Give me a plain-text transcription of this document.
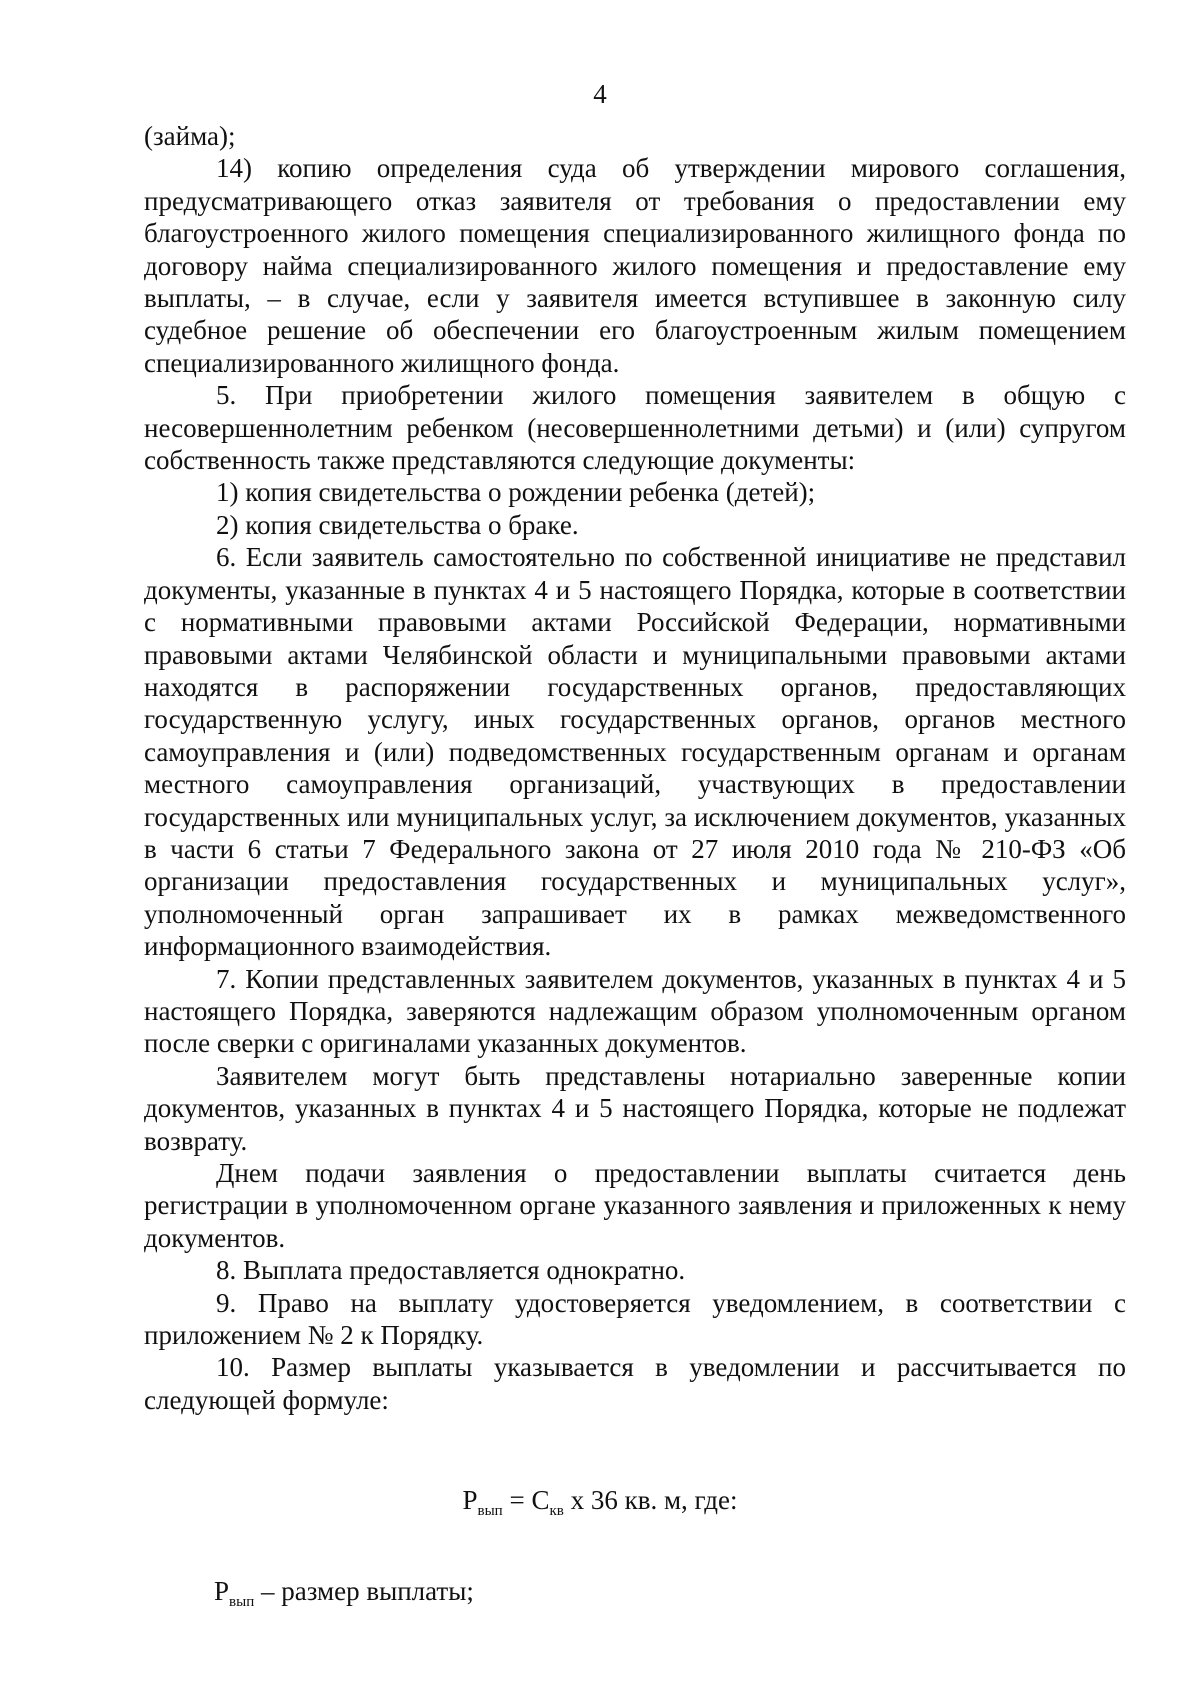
4

(займа);

14) копию определения суда об утверждении мирового соглашения, предусматривающего отказ заявителя от требования о предоставлении ему благоустроенного жилого помещения специализированного жилищного фонда по договору найма специализированного жилого помещения и предоставление ему выплаты, – в случае, если у заявителя имеется вступившее в законную силу судебное решение об обеспечении его благоустроенным жилым помещением специализированного жилищного фонда.

5. При приобретении жилого помещения заявителем в общую с несовершеннолетним ребенком (несовершеннолетними детьми) и (или) супругом собственность также представляются следующие документы:

1) копия свидетельства о рождении ребенка (детей);

2) копия свидетельства о браке.

6. Если заявитель самостоятельно по собственной инициативе не представил документы, указанные в пунктах 4 и 5 настоящего Порядка, которые в соответствии с нормативными правовыми актами Российской Федерации, нормативными правовыми актами Челябинской области и муниципальными правовыми актами находятся в распоряжении государственных органов, предоставляющих государственную услугу, иных государственных органов, органов местного самоуправления и (или) подведомственных государственным органам и органам местного самоуправления организаций, участвующих в предоставлении государственных или муниципальных услуг, за исключением документов, указанных в части 6 статьи 7 Федерального закона от 27 июля 2010 года № 210-ФЗ «Об организации предоставления государственных и муниципальных услуг», уполномоченный орган запрашивает их в рамках межведомственного информационного взаимодействия.

7. Копии представленных заявителем документов, указанных в пунктах 4 и 5 настоящего Порядка, заверяются надлежащим образом уполномоченным органом после сверки с оригиналами указанных документов.

Заявителем могут быть представлены нотариально заверенные копии документов, указанных в пунктах 4 и 5 настоящего Порядка, которые не подлежат возврату.

Днем подачи заявления о предоставлении выплаты считается день регистрации в уполномоченном органе указанного заявления и приложенных к нему документов.

8. Выплата предоставляется однократно.

9. Право на выплату удостоверяется уведомлением, в соответствии с приложением № 2 к Порядку.

10. Размер выплаты указывается в уведомлении и рассчитывается по следующей формуле:

$Р_{вып} = С_{кв}$ х 36 кв. м, где:
$Р_{вып}$ – размер выплаты;
